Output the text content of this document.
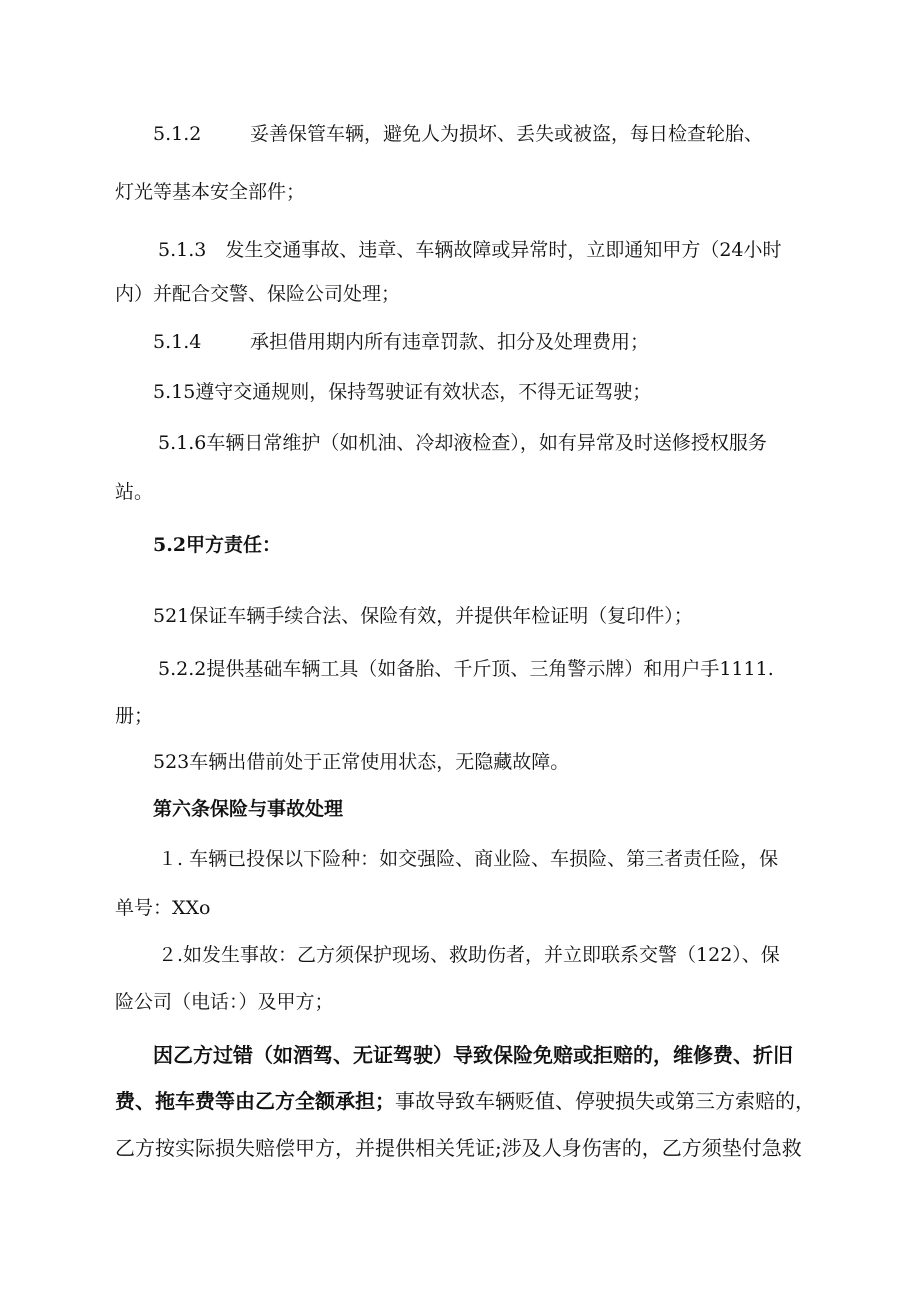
5.1.2	妥善保管车辆，避免人为损坏、丢失或被盗，每日检查轮胎、
灯光等基本安全部件；
5.1.3　发生交通事故、违章、车辆故障或异常时，立即通知甲方（24小时
内）并配合交警、保险公司处理；
5.1.4	承担借用期内所有违章罚款、扣分及处理费用；
5.15遵守交通规则，保持驾驶证有效状态，不得无证驾驶；
5.1.6车辆日常维护（如机油、冷却液检查），如有异常及时送修授权服务
站。
5.2甲方责任：
521保证车辆手续合法、保险有效，并提供年检证明（复印件）；
5.2.2提供基础车辆工具（如备胎、千斤顶、三角警示牌）和用户手1111.
册；
523车辆出借前处于正常使用状态，无隐藏故障。
第六条保险与事故处理
１. 车辆已投保以下险种：如交强险、商业险、车损险、第三者责任险，保
单号：XXo
２.如发生事故：乙方须保护现场、救助伤者，并立即联系交警（122）、保
险公司（电话：）及甲方；
因乙方过错（如酒驾、无证驾驶）导致保险免赔或拒赔的，维修费、折旧
费、拖车费等由乙方全额承担；事故导致车辆贬值、停驶损失或第三方索赔的，
乙方按实际损失赔偿甲方，并提供相关凭证;涉及人身伤害的，乙方须垫付急救
